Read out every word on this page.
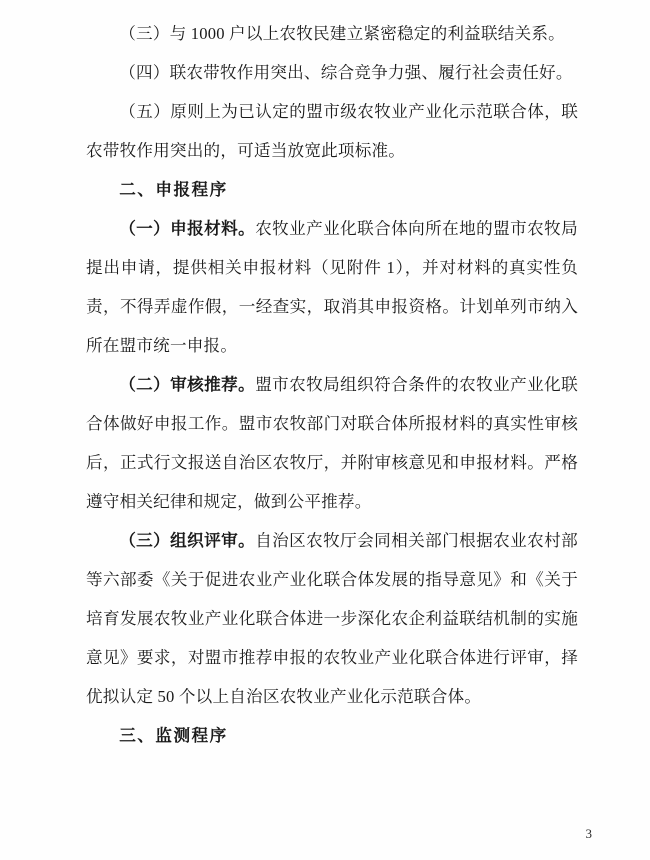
（三）与 1000 户以上农牧民建立紧密稳定的利益联结关系。

（四）联农带牧作用突出、综合竞争力强、履行社会责任好。

（五）原则上为已认定的盟市级农牧业产业化示范联合体，联农带牧作用突出的，可适当放宽此项标准。

二、申报程序

（一）申报材料。农牧业产业化联合体向所在地的盟市农牧局提出申请，提供相关申报材料（见附件 1），并对材料的真实性负责，不得弄虚作假，一经查实，取消其申报资格。计划单列市纳入所在盟市统一申报。

（二）审核推荐。盟市农牧局组织符合条件的农牧业产业化联合体做好申报工作。盟市农牧部门对联合体所报材料的真实性审核后，正式行文报送自治区农牧厅，并附审核意见和申报材料。严格遵守相关纪律和规定，做到公平推荐。

（三）组织评审。自治区农牧厅会同相关部门根据农业农村部等六部委《关于促进农业产业化联合体发展的指导意见》和《关于培育发展农牧业产业化联合体进一步深化农企利益联结机制的实施意见》要求，对盟市推荐申报的农牧业产业化联合体进行评审，择优拟认定 50 个以上自治区农牧业产业化示范联合体。

三、监测程序

3
